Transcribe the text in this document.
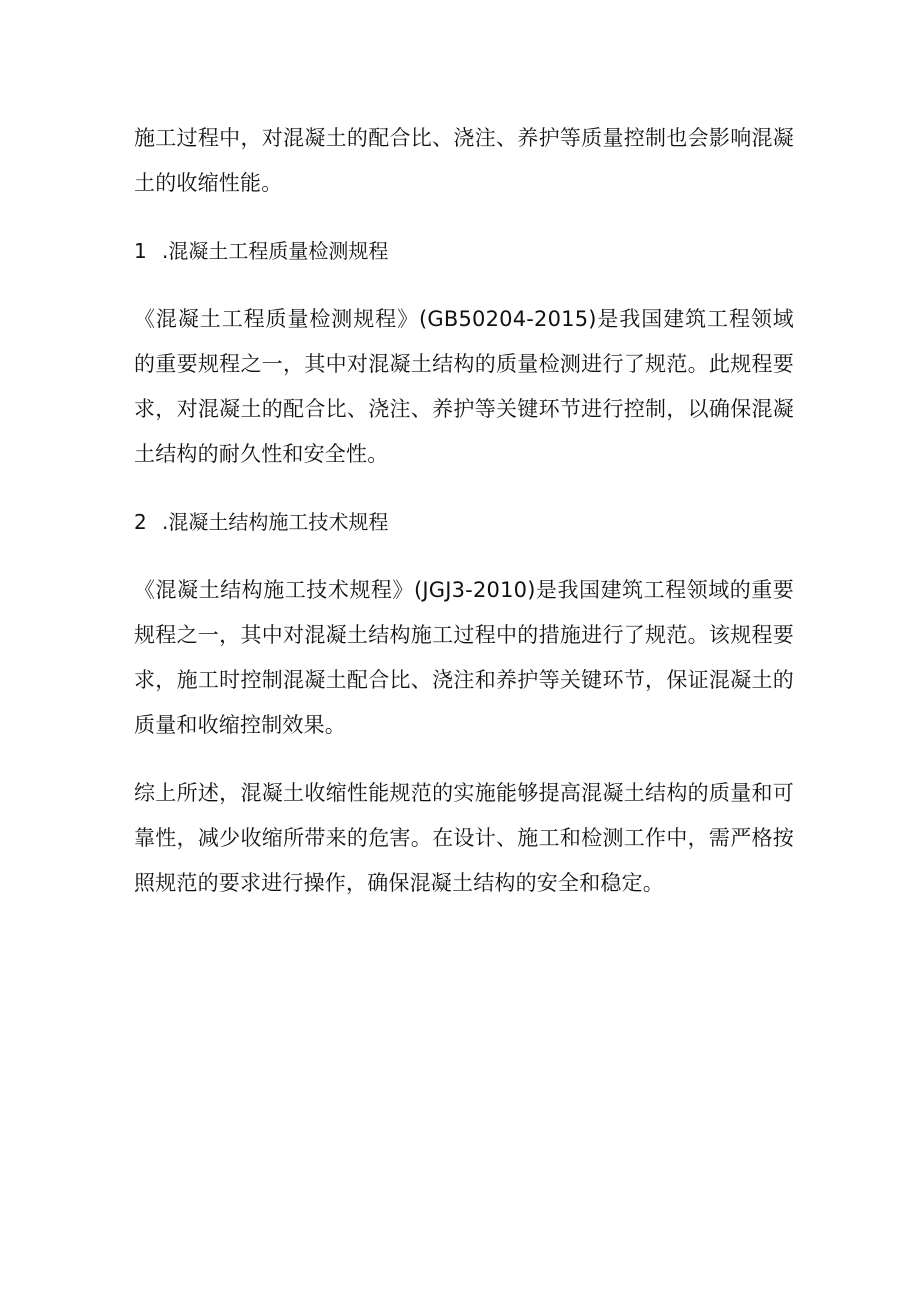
施工过程中，对混凝土的配合比、浇注、养护等质量控制也会影响混凝土的收缩性能。

1 .混凝土工程质量检测规程

《混凝土工程质量检测规程》(GB50204-2015)是我国建筑工程领域的重要规程之一，其中对混凝土结构的质量检测进行了规范。此规程要求，对混凝土的配合比、浇注、养护等关键环节进行控制，以确保混凝土结构的耐久性和安全性。

2 .混凝土结构施工技术规程

《混凝土结构施工技术规程》(JGJ3-2010)是我国建筑工程领域的重要规程之一，其中对混凝土结构施工过程中的措施进行了规范。该规程要求，施工时控制混凝土配合比、浇注和养护等关键环节，保证混凝土的质量和收缩控制效果。

综上所述，混凝土收缩性能规范的实施能够提高混凝土结构的质量和可靠性，减少收缩所带来的危害。在设计、施工和检测工作中，需严格按照规范的要求进行操作，确保混凝土结构的安全和稳定。
